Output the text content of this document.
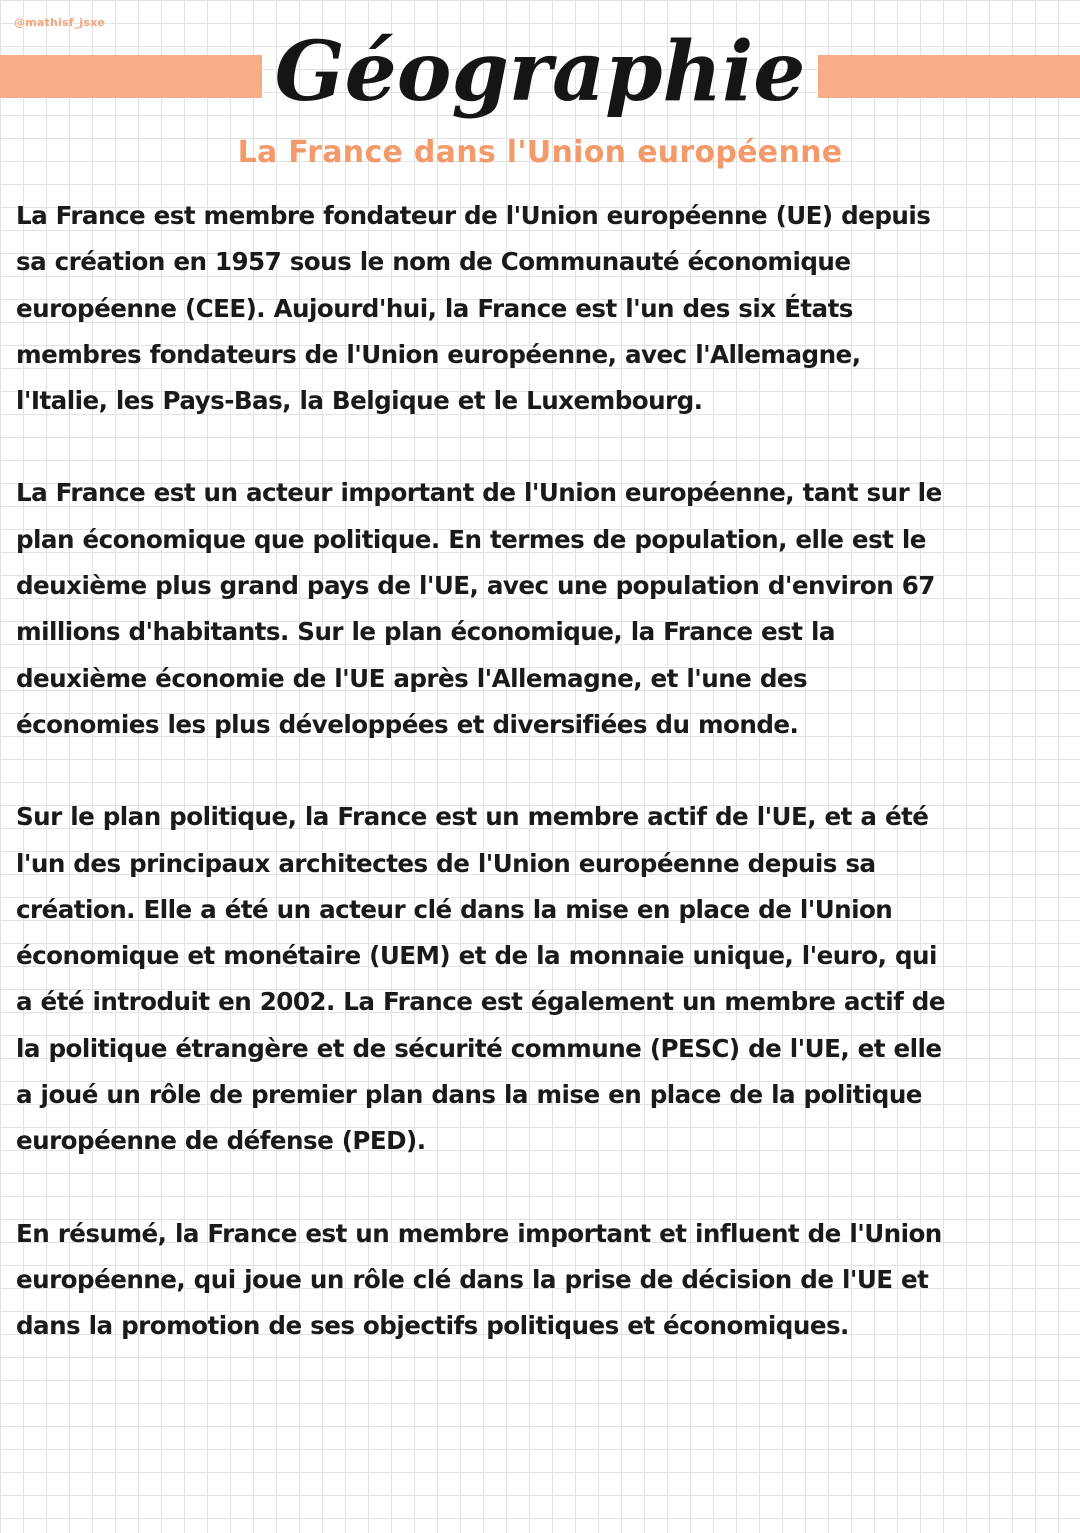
@mathisf_jsxe
Géographie
La France dans l'Union européenne

La France est membre fondateur de l'Union européenne (UE) depuis
sa création en 1957 sous le nom de Communauté économique
européenne (CEE). Aujourd'hui, la France est l'un des six États
membres fondateurs de l'Union européenne, avec l'Allemagne,
l'Italie, les Pays-Bas, la Belgique et le Luxembourg.

La France est un acteur important de l'Union européenne, tant sur le
plan économique que politique. En termes de population, elle est le
deuxième plus grand pays de l'UE, avec une population d'environ 67
millions d'habitants. Sur le plan économique, la France est la
deuxième économie de l'UE après l'Allemagne, et l'une des
économies les plus développées et diversifiées du monde.

Sur le plan politique, la France est un membre actif de l'UE, et a été
l'un des principaux architectes de l'Union européenne depuis sa
création. Elle a été un acteur clé dans la mise en place de l'Union
économique et monétaire (UEM) et de la monnaie unique, l'euro, qui
a été introduit en 2002. La France est également un membre actif de
la politique étrangère et de sécurité commune (PESC) de l'UE, et elle
a joué un rôle de premier plan dans la mise en place de la politique
européenne de défense (PED).

En résumé, la France est un membre important et influent de l'Union
européenne, qui joue un rôle clé dans la prise de décision de l'UE et
dans la promotion de ses objectifs politiques et économiques.
